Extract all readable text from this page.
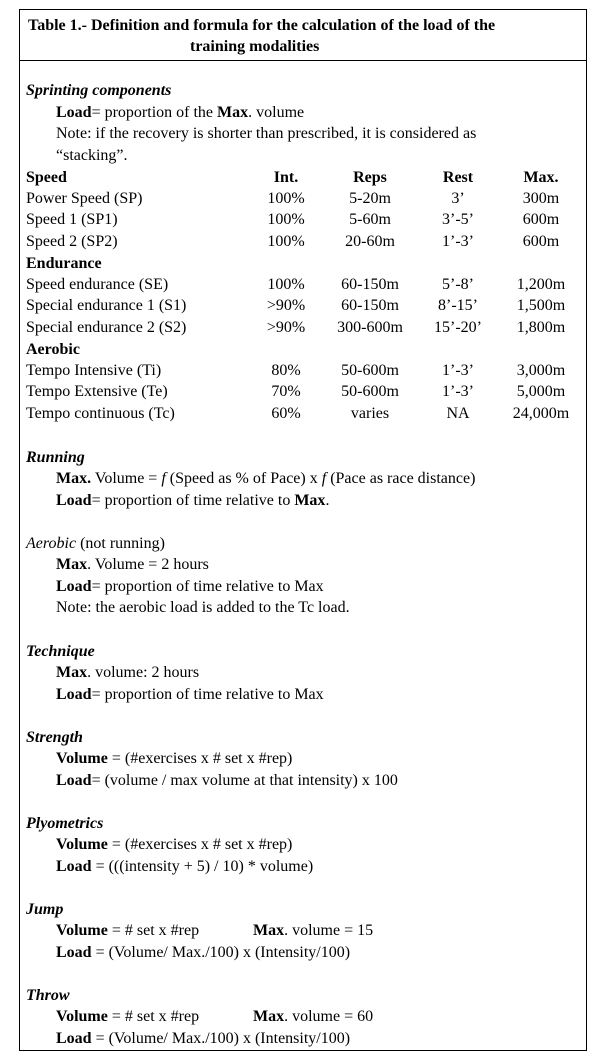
Table 1.- Definition and formula for the calculation of the load of the
training modalities
Sprinting components
Load= proportion of the Max. volume
Note: if the recovery is shorter than prescribed, it is considered as
“stacking”.
Speed	Int.	Reps	Rest	Max.
Power Speed (SP)	100%	5-20m	3’	300m
Speed 1 (SP1)	100%	5-60m	3’-5’	600m
Speed 2 (SP2)	100%	20-60m	1’-3’	600m
Endurance
Speed endurance (SE)	100% 60-150m	5’-8’	1,200m
Special endurance 1 (S1)	>90% 60-150m 8’-15’ 1,500m
Special endurance 2 (S2)	>90% 300-600m 15’-20’ 1,800m
Aerobic
Tempo Intensive (Ti)	80%	50-600m	1’-3’	3,000m
Tempo Extensive (Te)	70%	50-600m	1’-3’	5,000m
Tempo continuous (Tc)	60%	varies	NA	24,000m
Running
Max. Volume = f (Speed as % of Pace) x f (Pace as race distance)
Load= proportion of time relative to Max.
Aerobic (not running)
Max. Volume = 2 hours
Load= proportion of time relative to Max
Note: the aerobic load is added to the Tc load.
Technique
Max. volume: 2 hours
Load= proportion of time relative to Max
Strength
Volume = (#exercises x # set x #rep)
Load= (volume / max volume at that intensity) x 100
Plyometrics
Volume = (#exercises x # set x #rep)
Load = (((intensity + 5) / 10) * volume)
Jump
Volume = # set x #rep	Max. volume = 15
Load = (Volume/ Max./100) x (Intensity/100)
Throw
Volume = # set x #rep	Max. volume = 60
Load = (Volume/ Max./100) x (Intensity/100)
